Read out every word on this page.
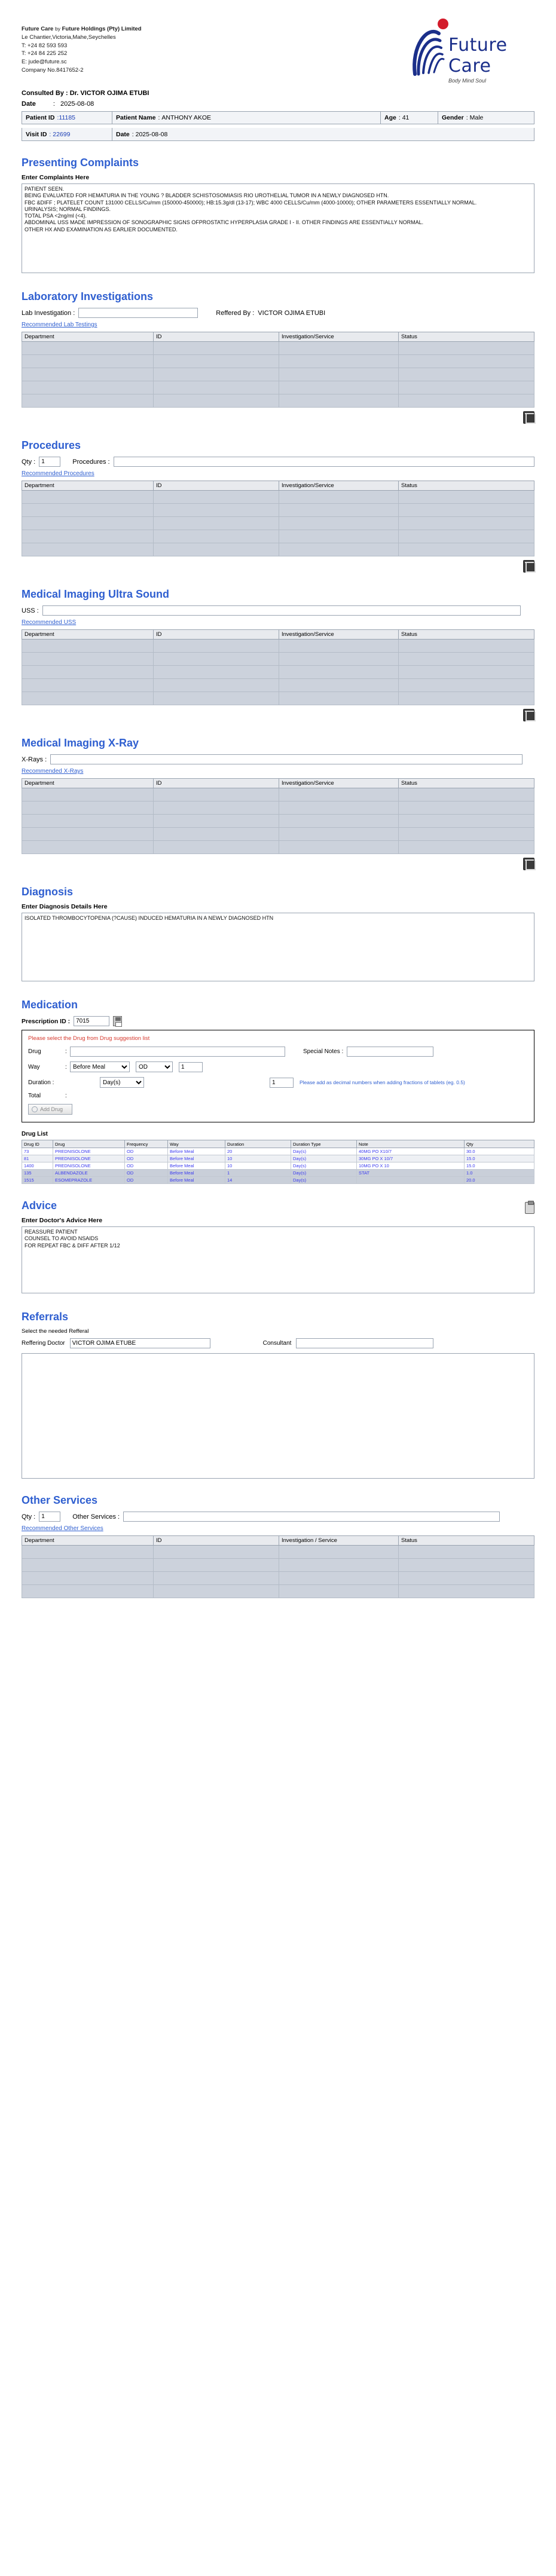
Future Care by Future Holdings (Pty) Limited
Le Chantier,Victoria,Mahe,Seychelles
T: +24 82 593 593
T: +24 84 225 252
E: jude@future.sc
Company No.8417652-2
Future
Care
Body Mind Soul
Consulted By : Dr. VICTOR OJIMA ETUBI
Date	: 2025-08-08
Patient ID :11185	Patient Name : ANTHONY AKOE	Age : 41	Gender : Male
Visit ID : 22699	Date : 2025-08-08
Presenting Complaints
Enter Complaints Here
PATIENT SEEN. BEING EVALUATED FOR HEMATURIA IN THE YOUNG ? BLADDER SCHISTOSOMIASIS RIO UROTHELIAL TUMOR IN A NEWLY DIAGNOSED HTN. FBC &DIFF ; PLATELET COUNT 131000 CELLS/Cu/mm (150000-450000); HB:15.3g/dl (13-17); WBC 4000 CELLS/Cu/mm (4000-10000); OTHER PARAMETERS ESSENTIALLY NORMAL. URINALYSIS; NORMAL FINDINGS. TOTAL PSA <2ng/ml (<4). ABDOMINAL USS MADE IMPRESSION OF SONOGRAPHIC SIGNS OFPROSTATIC HYPERPLASIA GRADE I - II. OTHER FINDINGS ARE ESSENTIALLY NORMAL. OTHER HX AND EXAMINATION AS EARLIER DOCUMENTED.
Laboratory Investigations
Lab Investigation :	Reffered By : VICTOR OJIMA ETUBI
Recommended Lab Testings
Department	ID	Investigation/Service	Status

Procedures
Qty :
1	Procedures :
Recommended Procedures
Department	ID	Investigation/Service	Status

Medical Imaging Ultra Sound
USS :
Recommended USS
Department	ID	Investigation/Service	Status

Medical Imaging X-Ray
X-Rays :
Recommended X-Rays
Department	ID	Investigation/Service	Status

Diagnosis
Enter Diagnosis Details Here
ISOLATED THROMBOCYTOPENIA (?CAUSE) INDUCED HEMATURIA IN A NEWLY DIAGNOSED HTN
Medication
Prescription ID :
7015
Please select the Drug from Drug suggestion list
Drug	:	Special Notes :
Way	:
Before Meal
OD
1
Duration :
Day(s)
1	Please add as decimal numbers when adding fractions of tablets (eg. 0.5)
Total	:
Add Drug
Drug List
Drug ID	Drug	Frequency	Way	Duration	Duration Type	Note	Qty
73	PREDNISOLONE	OD	Before Meal	20	Day(s)	40MG PO X10/7	30.0
81	PREDNISOLONE	OD	Before Meal	10	Day(s)	30MG PO X 10/7	15.0
1400	PREDNISOLONE	OD	Before Meal	10	Day(s)	10MG PO X 10	15.0
135	ALBENDAZOLE	OD	Before Meal	1	Day(s)	STAT	1.0
1515	ESOMEPRAZOLE	OD	Before Meal	14	Day(s)		20.0
Advice
Enter Doctor's Advice Here
REASSURE PATIENT COUNSEL TO AVOID NSAIDS FOR REPEAT FBC & DIFF AFTER 1/12
Referrals
Select the needed Refferal
Reffering Doctor
VICTOR OJIMA ETUBE	Consultant
Other Services
Qty :
1	Other Services :
Recommended Other Services
Department	ID	Investigation / Service	Status
